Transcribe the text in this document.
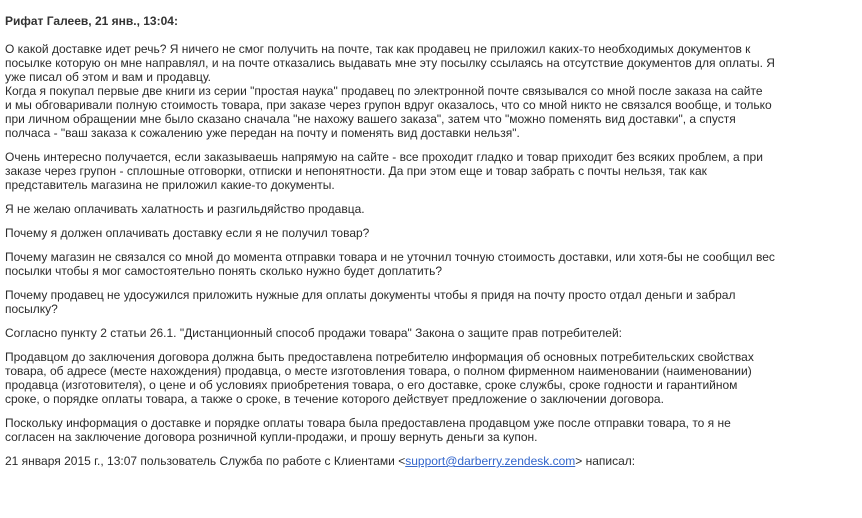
Рифат Галеев, 21 янв., 13:04:

О какой доставке идет речь? Я ничего не смог получить на почте, так как продавец не приложил каких-то необходимых документов к
посылке которую он мне направлял, и на почте отказались выдавать мне эту посылку ссылаясь на отсутствие документов для оплаты. Я
уже писал об этом и вам и продавцу.
Когда я покупал первые две книги из серии "простая наука" продавец по электронной почте связывался со мной после заказа на сайте
и мы обговаривали полную стоимость товара, при заказе через групон вдруг оказалось, что со мной никто не связался вообще, и только
при личном обращении мне было сказано сначала "не нахожу вашего заказа", затем что "можно поменять вид доставки", а спустя
полчаса - "ваш заказа к сожалению уже передан на почту и поменять вид доставки нельзя".

Очень интересно получается, если заказываешь напрямую на сайте - все проходит гладко и товар приходит без всяких проблем, а при
заказе через групон - сплошные отговорки, отписки и непонятности. Да при этом еще и товар забрать с почты нельзя, так как
представитель магазина не приложил какие-то документы.

Я не желаю оплачивать халатность и разгильдяйство продавца.

Почему я должен оплачивать доставку если я не получил товар?

Почему магазин не связался со мной до момента отправки товара и не уточнил точную стоимость доставки, или хотя-бы не сообщил вес
посылки чтобы я мог самостоятельно понять сколько нужно будет доплатить?

Почему продавец не удосужился приложить нужные для оплаты документы чтобы я придя на почту просто отдал деньги и забрал
посылку?

Согласно пункту 2 статьи 26.1. "Дистанционный способ продажи товара" Закона о защите прав потребителей:

Продавцом до заключения договора должна быть предоставлена потребителю информация об основных потребительских свойствах
товара, об адресе (месте нахождения) продавца, о месте изготовления товара, о полном фирменном наименовании (наименовании)
продавца (изготовителя), о цене и об условиях приобретения товара, о его доставке, сроке службы, сроке годности и гарантийном
сроке, о порядке оплаты товара, а также о сроке, в течение которого действует предложение о заключении договора.

Поскольку информация о доставке и порядке оплаты товара была предоставлена продавцом уже после отправки товара, то я не
согласен на заключение договора розничной купли-продажи, и прошу вернуть деньги за купон.

21 января 2015 г., 13:07 пользователь Служба по работе с Клиентами <support@darberry.zendesk.com> написал:
